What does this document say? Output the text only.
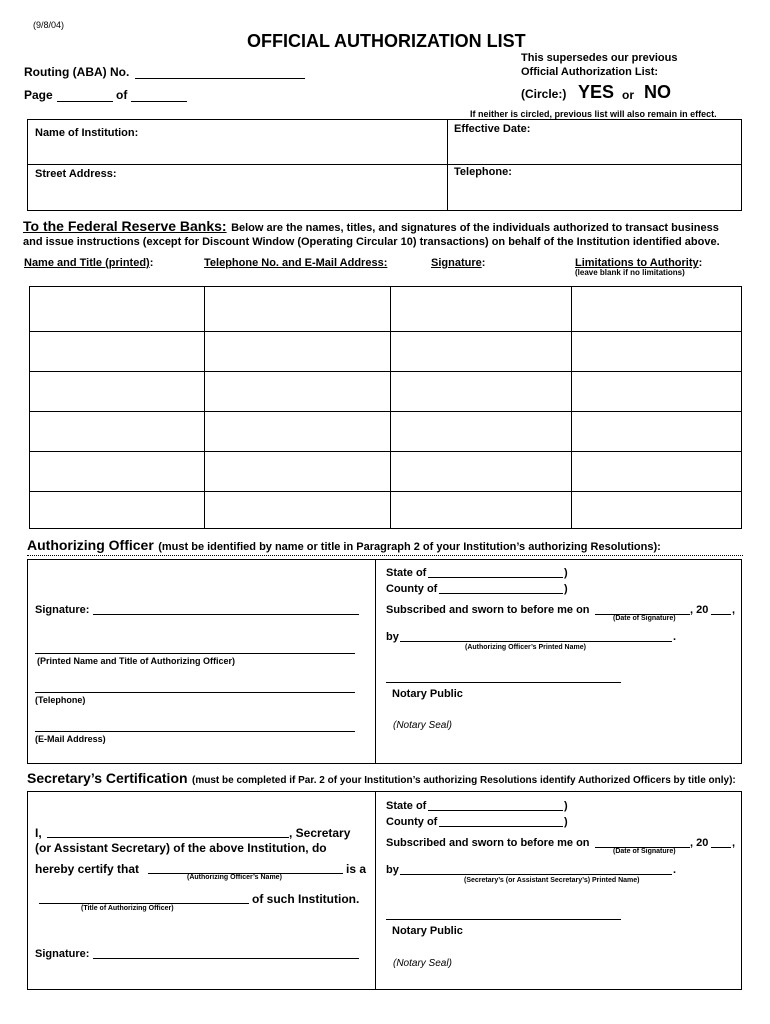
(9/8/04)
OFFICIAL AUTHORIZATION LIST
Routing (ABA) No.
Page	of
This supersedes our previous
Official Authorization List:
(Circle:) YES or NO
If neither is circled, previous list will also remain in effect.
Name of Institution:	Effective Date:
Street Address:	Telephone:
To the Federal Reserve Banks: Below are the names, titles, and signatures of the individuals authorized to transact business
and issue instructions (except for Discount Window (Operating Circular 10) transactions) on behalf of the Institution identified above.
Name and Title (printed):	Telephone No. and E-Mail Address:	Signature:	Limitations to Authority:
(leave blank if no limitations)
Authorizing Officer (must be identified by name or title in Paragraph 2 of your Institution’s authorizing Resolutions):
Signature:
(Printed Name and Title of Authorizing Officer)
(Telephone)
(E-Mail Address)
State of	)
County of	)
Subscribed and sworn to before me on	, 20 ,
(Date of Signature)
by	.
(Authorizing Officer’s Printed Name)
Notary Public
(Notary Seal)
Secretary’s Certification (must be completed if Par. 2 of your Institution’s authorizing Resolutions identify Authorized Officers by title only):
I,	, Secretary
(or Assistant Secretary) of the above Institution, do
hereby certify that	is a
(Authorizing Officer’s Name)
of such Institution.
(Title of Authorizing Officer)
Signature:
State of	)
County of	)
Subscribed and sworn to before me on	, 20 ,
(Date of Signature)
by	.
(Secretary’s (or Assistant Secretary’s) Printed Name)
Notary Public
(Notary Seal)
